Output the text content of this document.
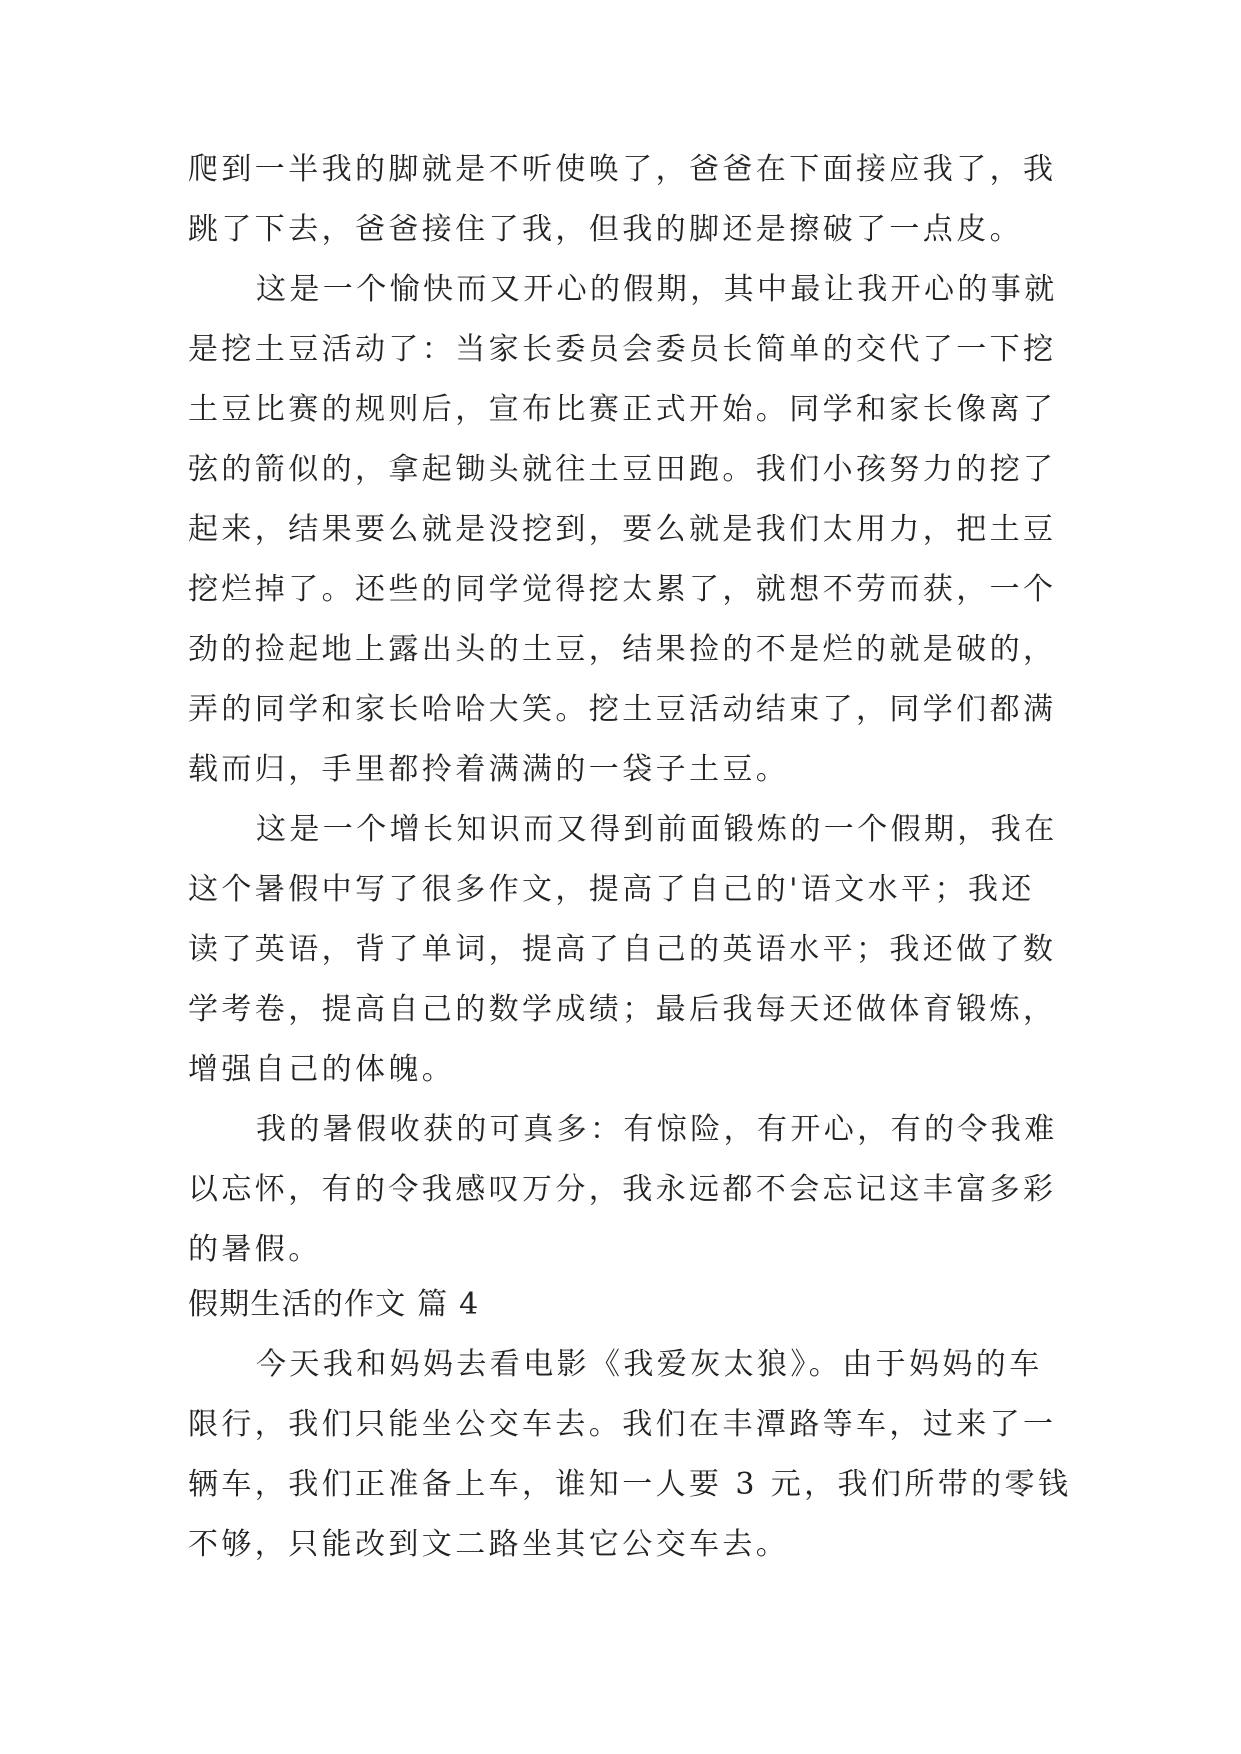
爬到一半我的脚就是不听使唤了，爸爸在下面接应我了，我
跳了下去，爸爸接住了我，但我的脚还是擦破了一点皮。
这是一个愉快而又开心的假期，其中最让我开心的事就
是挖土豆活动了：当家长委员会委员长简单的交代了一下挖
土豆比赛的规则后，宣布比赛正式开始。同学和家长像离了
弦的箭似的，拿起锄头就往土豆田跑。我们小孩努力的挖了
起来，结果要么就是没挖到，要么就是我们太用力，把土豆
挖烂掉了。还些的同学觉得挖太累了，就想不劳而获，一个
劲的捡起地上露出头的土豆，结果捡的不是烂的就是破的，
弄的同学和家长哈哈大笑。挖土豆活动结束了，同学们都满
载而归，手里都拎着满满的一袋子土豆。
这是一个增长知识而又得到前面锻炼的一个假期，我在
这个暑假中写了很多作文，提高了自己的'语文水平；我还
读了英语，背了单词，提高了自己的英语水平；我还做了数
学考卷，提高自己的数学成绩；最后我每天还做体育锻炼，
增强自己的体魄。
我的暑假收获的可真多：有惊险，有开心，有的令我难
以忘怀，有的令我感叹万分，我永远都不会忘记这丰富多彩
的暑假。
假期生活的作文 篇 4
今天我和妈妈去看电影《我爱灰太狼》。由于妈妈的车
限行，我们只能坐公交车去。我们在丰潭路等车，过来了一
辆车，我们正准备上车，谁知一人要 3 元，我们所带的零钱
不够，只能改到文二路坐其它公交车去。
